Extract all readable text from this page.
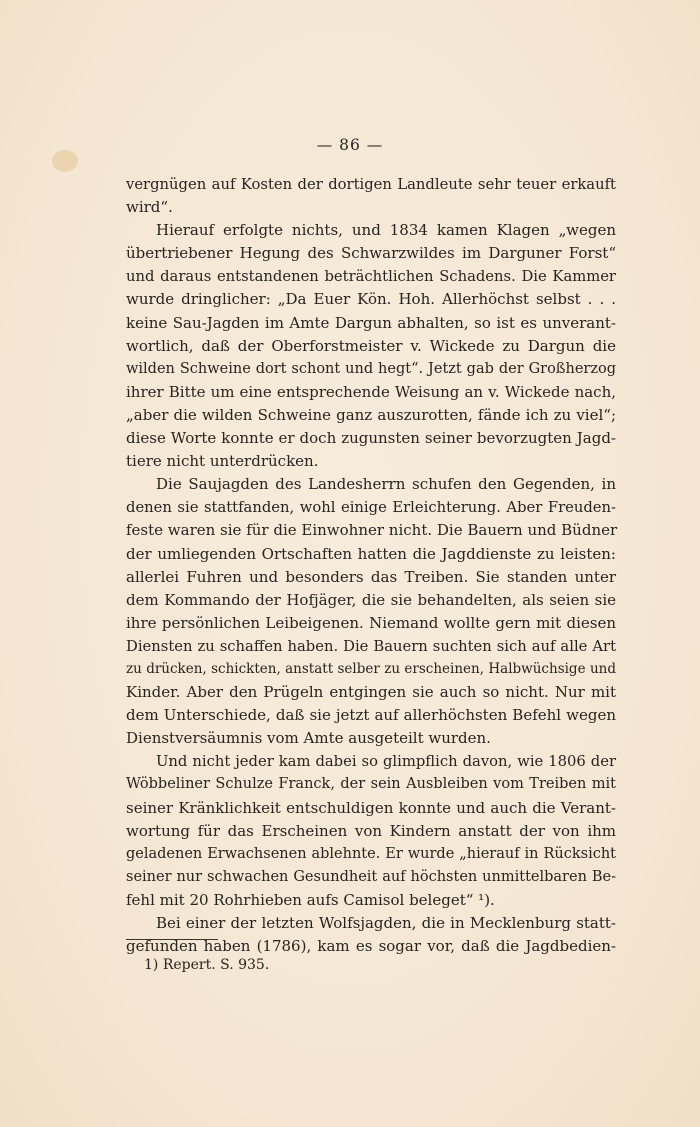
— 86 —
vergnügen auf Kosten der dortigen Landleute sehr teuer erkauft
wird“.
Hierauf erfolgte nichts, und 1834 kamen Klagen „wegen
übertriebener Hegung des Schwarzwildes im Darguner Forst“
und daraus entstandenen beträchtlichen Schadens. Die Kammer
wurde dringlicher: „Da Euer Kön. Hoh. Allerhöchst selbst . . .
keine Sau-Jagden im Amte Dargun abhalten, so ist es unverant-
wortlich, daß der Oberforstmeister v. Wickede zu Dargun die
wilden Schweine dort schont und hegt“. Jetzt gab der Großherzog
ihrer Bitte um eine entsprechende Weisung an v. Wickede nach,
„aber die wilden Schweine ganz auszurotten, fände ich zu viel“;
diese Worte konnte er doch zugunsten seiner bevorzugten Jagd-
tiere nicht unterdrücken.
Die Saujagden des Landesherrn schufen den Gegenden, in
denen sie stattfanden, wohl einige Erleichterung. Aber Freuden-
feste waren sie für die Einwohner nicht. Die Bauern und Büdner
der umliegenden Ortschaften hatten die Jagddienste zu leisten:
allerlei Fuhren und besonders das Treiben. Sie standen unter
dem Kommando der Hofjäger, die sie behandelten, als seien sie
ihre persönlichen Leibeigenen. Niemand wollte gern mit diesen
Diensten zu schaffen haben. Die Bauern suchten sich auf alle Art
zu drücken, schickten, anstatt selber zu erscheinen, Halbwüchsige und
Kinder. Aber den Prügeln entgingen sie auch so nicht. Nur mit
dem Unterschiede, daß sie jetzt auf allerhöchsten Befehl wegen
Dienstversäumnis vom Amte ausgeteilt wurden.
Und nicht jeder kam dabei so glimpflich davon, wie 1806 der
Wöbbeliner Schulze Franck, der sein Ausbleiben vom Treiben mit
seiner Kränklichkeit entschuldigen konnte und auch die Verant-
wortung für das Erscheinen von Kindern anstatt der von ihm
geladenen Erwachsenen ablehnte. Er wurde „hierauf in Rücksicht
seiner nur schwachen Gesundheit auf höchsten unmittelbaren Be-
fehl mit 20 Rohrhieben aufs Camisol beleget“ ¹).
Bei einer der letzten Wolfsjagden, die in Mecklenburg statt-
gefunden haben (1786), kam es sogar vor, daß die Jagdbedien-
1) Repert. S. 935.
